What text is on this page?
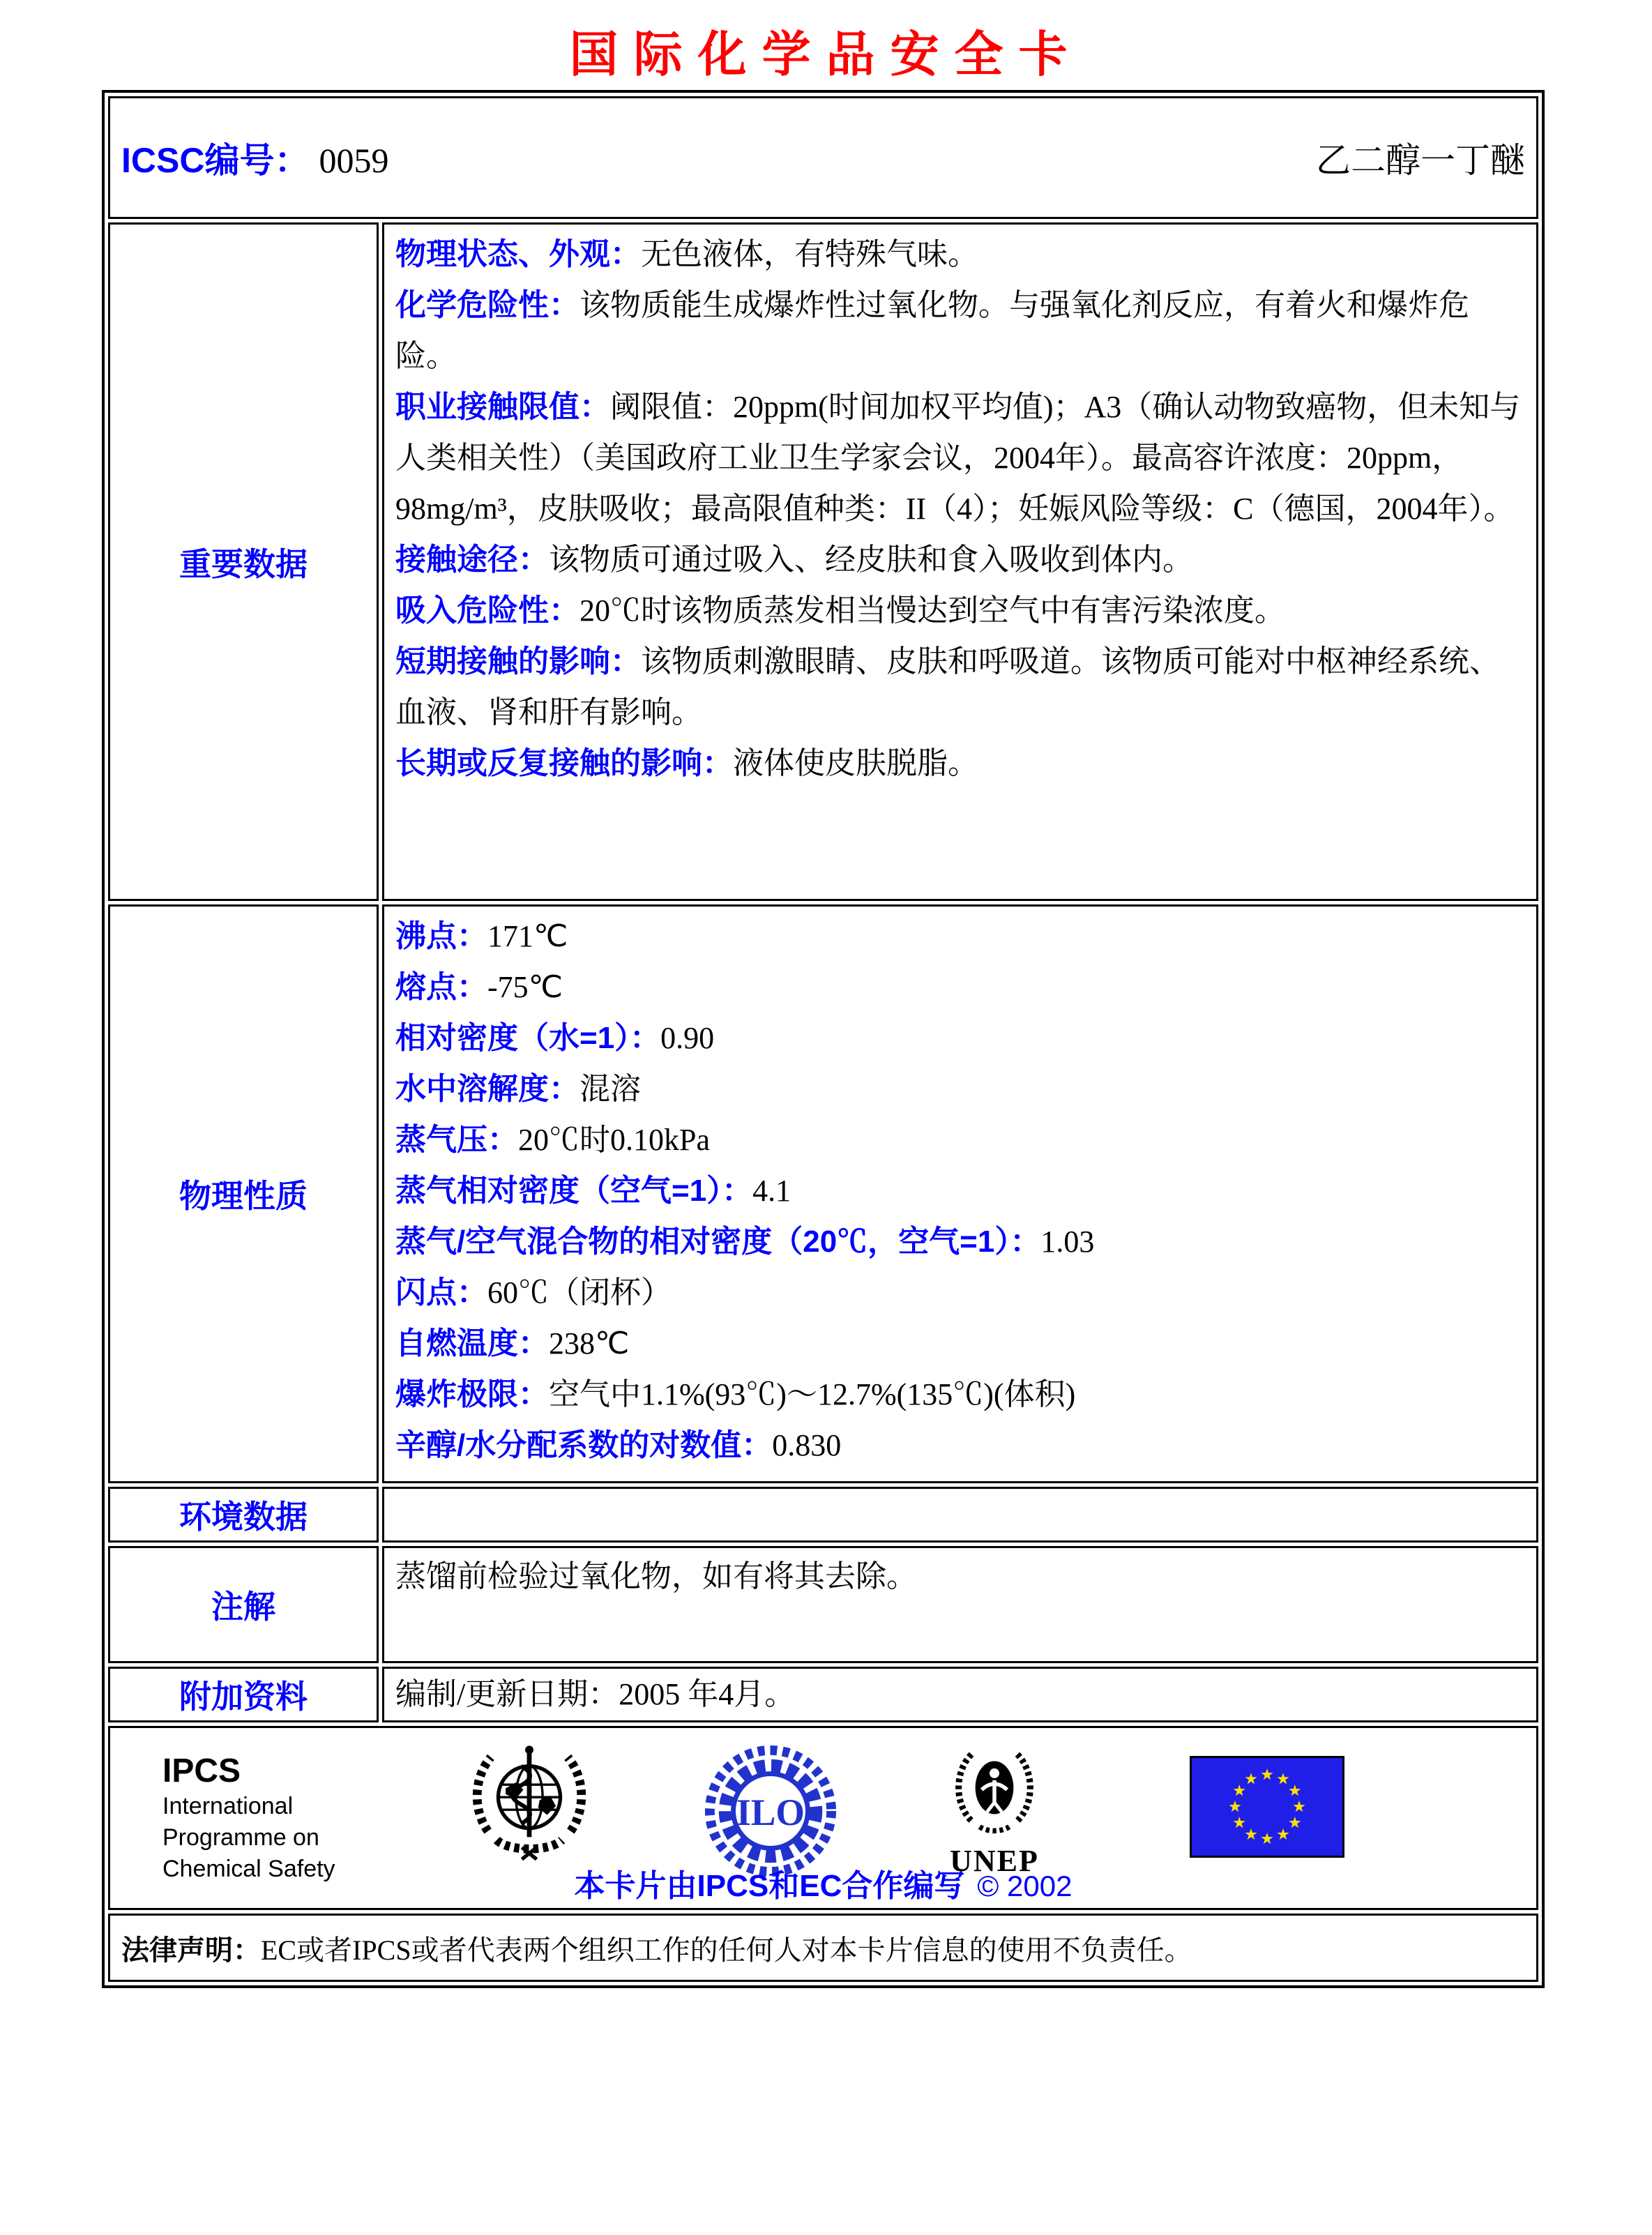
国际化学品安全卡
ICSC编号： 0059 乙二醇一丁醚	

重要数据	

物理状态、外观：无色液体，有特殊气味。

化学危险性：该物质能生成爆炸性过氧化物。与强氧化剂反应，有着火和爆炸危险。

职业接触限值：阈限值：20ppm(时间加权平均值)；A3（确认动物致癌物，但未知与人类相关性）（美国政府工业卫生学家会议，2004年）。最高容许浓度：20ppm，98mg/m³，皮肤吸收；最高限值种类：II（4）；妊娠风险等级：C（德国，2004年）。

接触途径：该物质可通过吸入、经皮肤和食入吸收到体内。

吸入危险性：20℃时该物质蒸发相当慢达到空气中有害污染浓度。

短期接触的影响：该物质刺激眼睛、皮肤和呼吸道。该物质可能对中枢神经系统、血液、肾和肝有影响。

长期或反复接触的影响：液体使皮肤脱脂。

物理性质	
沸点：171℃
熔点：-75℃
相对密度（水=1）：0.90
水中溶解度：混溶
蒸气压：20℃时0.10kPa
蒸气相对密度（空气=1）：4.1
蒸气/空气混合物的相对密度（20℃，空气=1）：1.03
闪点：60℃（闭杯）
自燃温度：238℃
爆炸极限：空气中1.1%(93℃)～12.7%(135℃)(体积)
辛醇/水分配系数的对数值：0.830

环境数据	
注解	蒸馏前检验过氧化物，如有将其去除。
附加资料	编制/更新日期：2005 年4月。

IPCS
International
Programme on
Chemical Safety
ILO
UNEP
本卡片由IPCS和EC合作编写 © 2002

法律声明：EC或者IPCS或者代表两个组织工作的任何人对本卡片信息的使用不负责任。	
